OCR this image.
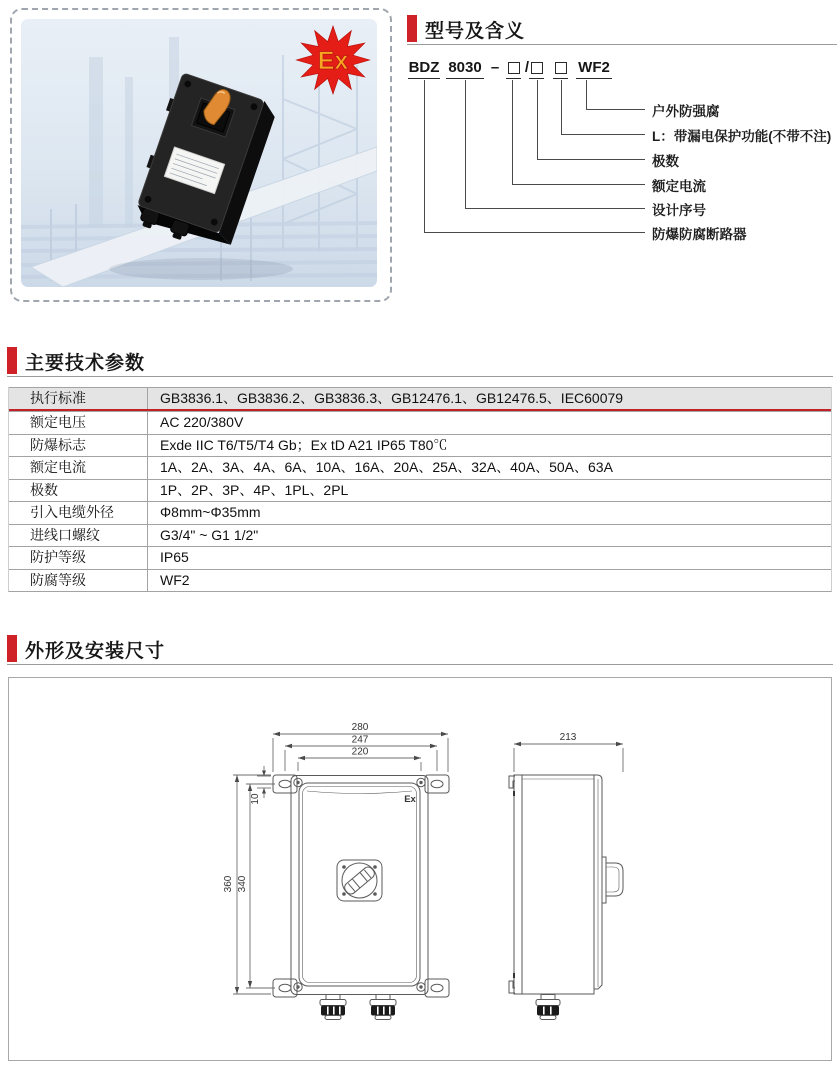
Ex
型号及含义
BDZ 8030 – /	WF2
户外防强腐
L：带漏电保护功能(不带不注)
极数
额定电流
设计序号
防爆防腐断路器
主要技术参数
执行标准	GB3836.1、GB3836.2、GB3836.3、GB12476.1、GB12476.5、IEC60079
额定电压	AC 220/380V
防爆标志	Exde IIC T6/T5/T4 Gb；Ex tD A21 IP65 T80℃
额定电流	1A、2A、3A、4A、6A、10A、16A、20A、25A、32A、40A、50A、63A
极数	1P、2P、3P、4P、1PL、2PL
引入电缆外径	Φ8mm~Φ35mm
进线口螺纹	G3/4" ~ G1 1/2"
防护等级	IP65
防腐等级	WF2
外形及安装尺寸
280
247
220
360 340
10
213
Ex
